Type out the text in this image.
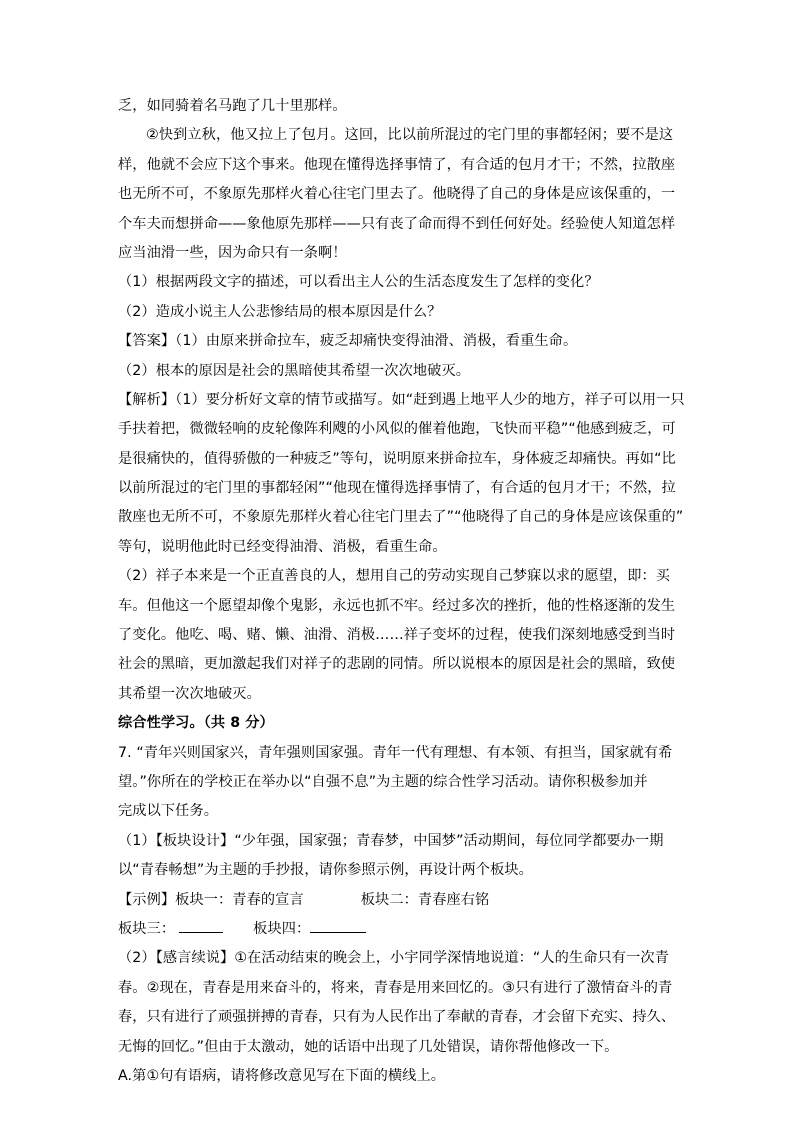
乏，如同骑着名马跑了几十里那样。
②快到立秋，他又拉上了包月。这回，比以前所混过的宅门里的事都轻闲；要不是这
样，他就不会应下这个事来。他现在懂得选择事情了，有合适的包月才干；不然，拉散座
也无所不可，不象原先那样火着心往宅门里去了。他晓得了自己的身体是应该保重的，一
个车夫而想拼命——象他原先那样——只有丧了命而得不到任何好处。经验使人知道怎样
应当油滑一些，因为命只有一条啊！
（1）根据两段文字的描述，可以看出主人公的生活态度发生了怎样的变化？
（2）造成小说主人公悲惨结局的根本原因是什么？
【答案】（1）由原来拼命拉车，疲乏却痛快变得油滑、消极，看重生命。
（2）根本的原因是社会的黑暗使其希望一次次地破灭。
【解析】（1）要分析好文章的情节或描写。如“赶到遇上地平人少的地方，祥子可以用一只
手扶着把，微微轻响的皮轮像阵利飕的小风似的催着他跑，飞快而平稳”“他感到疲乏，可
是很痛快的，值得骄傲的一种疲乏”等句，说明原来拼命拉车，身体疲乏却痛快。再如“比
以前所混过的宅门里的事都轻闲”“他现在懂得选择事情了，有合适的包月才干；不然，拉
散座也无所不可，不象原先那样火着心往宅门里去了”“他晓得了自己的身体是应该保重的”
等句，说明他此时已经变得油滑、消极，看重生命。
（2）祥子本来是一个正直善良的人，想用自己的劳动实现自己梦寐以求的愿望，即：买
车。但他这一个愿望却像个鬼影，永远也抓不牢。经过多次的挫折，他的性格逐渐的发生
了变化。他吃、喝、赌、懒、油滑、消极……祥子变坏的过程，使我们深刻地感受到当时
社会的黑暗，更加激起我们对祥子的悲剧的同情。所以说根本的原因是社会的黑暗，致使
其希望一次次地破灭。
综合性学习。（共 8 分）
7. “青年兴则国家兴，青年强则国家强。青年一代有理想、有本领、有担当，国家就有希
望。”你所在的学校正在举办以“自强不息”为主题的综合性学习活动。请你积极参加并
完成以下任务。
（1）【板块设计】“少年强，国家强；青春梦，中国梦”活动期间，每位同学都要办一期
以“青春畅想”为主题的手抄报，请你参照示例，再设计两个板块。
【示例】板块一：青春的宣言	板块二：青春座右铭
板块三：	板块四：
（2）【感言续说】①在活动结束的晚会上，小宇同学深情地说道：“人的生命只有一次青
春。②现在，青春是用来奋斗的，将来，青春是用来回忆的。③只有进行了激情奋斗的青
春，只有进行了顽强拼搏的青春，只有为人民作出了奉献的青春，才会留下充实、持久、
无悔的回忆。”但由于太激动，她的话语中出现了几处错误，请你帮他修改一下。
A.第①句有语病，请将修改意见写在下面的横线上。
